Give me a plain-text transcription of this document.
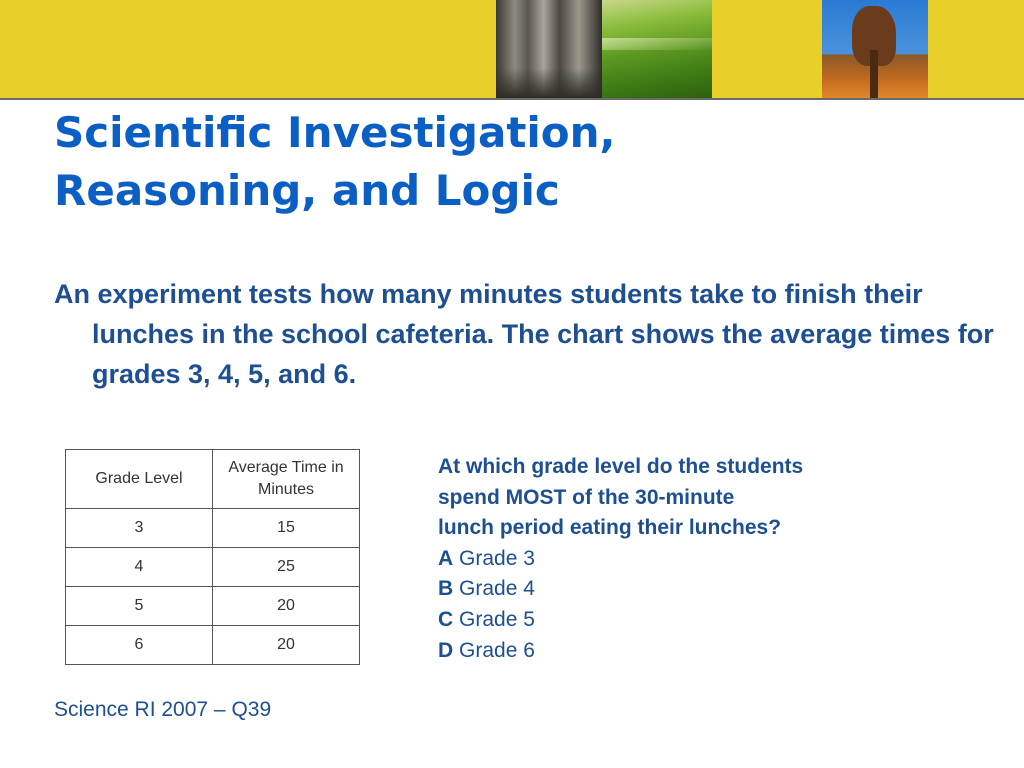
Scientific Investigation,
Reasoning, and Logic

An experiment tests how many minutes students take to finish their lunches in the school cafeteria. The chart shows the average times for grades 3, 4, 5, and 6.

Grade Level	Average Time in Minutes
3	15
4	25
5	20
6	20

At which grade level do the students
spend MOST of the 30-minute
lunch period eating their lunches?

A Grade 3
B Grade 4
C Grade 5
D Grade 6
Science RI 2007 – Q39
